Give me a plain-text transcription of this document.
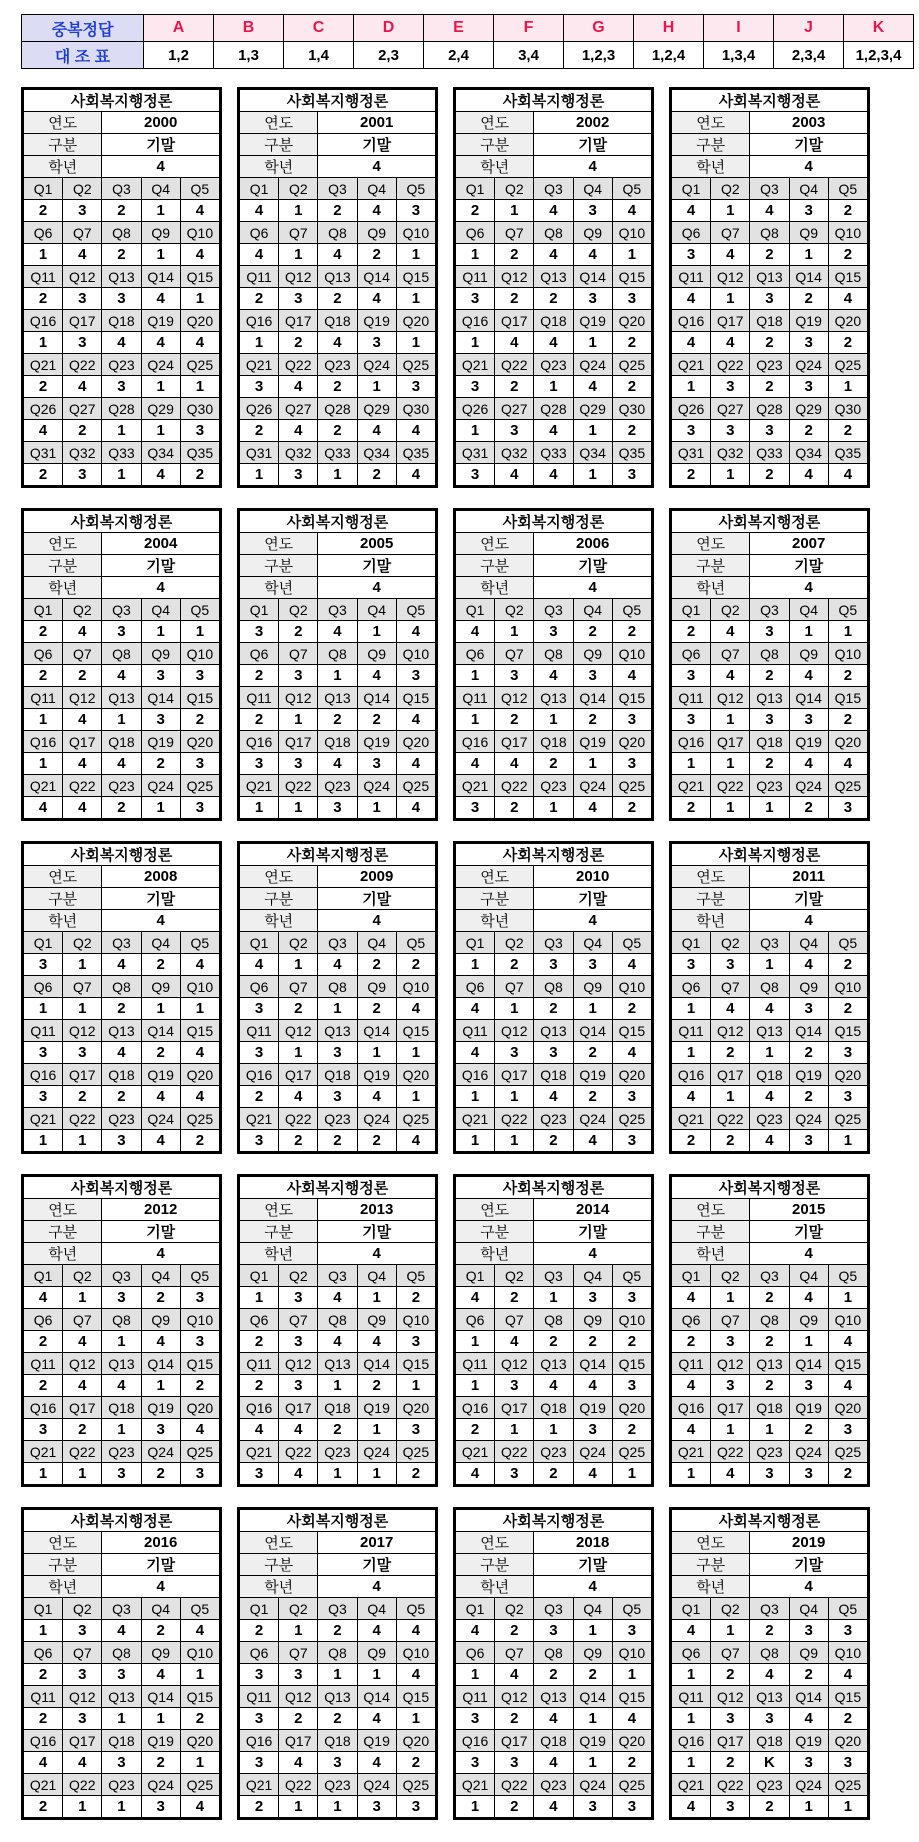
중복정답	A	B	C	D	E	F	G	H	I	J	K
대 조 표	1,2	1,3	1,4	2,3	2,4	3,4	1,2,3	1,2,4	1,3,4	2,3,4	1,2,3,4
사회복지행정론				
연도		2000		
구분		기말		
학년		4		
Q1	Q2	Q3	Q4	Q5
2	3	2	1	4
Q6	Q7	Q8	Q9	Q10
1	4	2	1	4
Q11	Q12	Q13	Q14	Q15
2	3	3	4	1
Q16	Q17	Q18	Q19	Q20
1	3	4	4	4
Q21	Q22	Q23	Q24	Q25
2	4	3	1	1
Q26	Q27	Q28	Q29	Q30
4	2	1	1	3
Q31	Q32	Q33	Q34	Q35
2	3	1	4	2
사회복지행정론				
연도		2001		
구분		기말		
학년		4		
Q1	Q2	Q3	Q4	Q5
4	1	2	4	3
Q6	Q7	Q8	Q9	Q10
4	1	4	2	1
Q11	Q12	Q13	Q14	Q15
2	3	2	4	1
Q16	Q17	Q18	Q19	Q20
1	2	4	3	1
Q21	Q22	Q23	Q24	Q25
3	4	2	1	3
Q26	Q27	Q28	Q29	Q30
2	4	2	4	4
Q31	Q32	Q33	Q34	Q35
1	3	1	2	4
사회복지행정론				
연도		2002		
구분		기말		
학년		4		
Q1	Q2	Q3	Q4	Q5
2	1	4	3	4
Q6	Q7	Q8	Q9	Q10
1	2	4	4	1
Q11	Q12	Q13	Q14	Q15
3	2	2	3	3
Q16	Q17	Q18	Q19	Q20
1	4	4	1	2
Q21	Q22	Q23	Q24	Q25
3	2	1	4	2
Q26	Q27	Q28	Q29	Q30
1	3	4	1	2
Q31	Q32	Q33	Q34	Q35
3	4	4	1	3
사회복지행정론				
연도		2003		
구분		기말		
학년		4		
Q1	Q2	Q3	Q4	Q5
4	1	4	3	2
Q6	Q7	Q8	Q9	Q10
3	4	2	1	2
Q11	Q12	Q13	Q14	Q15
4	1	3	2	4
Q16	Q17	Q18	Q19	Q20
4	4	2	3	2
Q21	Q22	Q23	Q24	Q25
1	3	2	3	1
Q26	Q27	Q28	Q29	Q30
3	3	3	2	2
Q31	Q32	Q33	Q34	Q35
2	1	2	4	4
사회복지행정론				
연도		2004		
구분		기말		
학년		4		
Q1	Q2	Q3	Q4	Q5
2	4	3	1	1
Q6	Q7	Q8	Q9	Q10
2	2	4	3	3
Q11	Q12	Q13	Q14	Q15
1	4	1	3	2
Q16	Q17	Q18	Q19	Q20
1	4	4	2	3
Q21	Q22	Q23	Q24	Q25
4	4	2	1	3
사회복지행정론				
연도		2005		
구분		기말		
학년		4		
Q1	Q2	Q3	Q4	Q5
3	2	4	1	4
Q6	Q7	Q8	Q9	Q10
2	3	1	4	3
Q11	Q12	Q13	Q14	Q15
2	1	2	2	4
Q16	Q17	Q18	Q19	Q20
3	3	4	3	4
Q21	Q22	Q23	Q24	Q25
1	1	3	1	4
사회복지행정론				
연도		2006		
구분		기말		
학년		4		
Q1	Q2	Q3	Q4	Q5
4	1	3	2	2
Q6	Q7	Q8	Q9	Q10
1	3	4	3	4
Q11	Q12	Q13	Q14	Q15
1	2	1	2	3
Q16	Q17	Q18	Q19	Q20
4	4	2	1	3
Q21	Q22	Q23	Q24	Q25
3	2	1	4	2
사회복지행정론				
연도		2007		
구분		기말		
학년		4		
Q1	Q2	Q3	Q4	Q5
2	4	3	1	1
Q6	Q7	Q8	Q9	Q10
3	4	2	4	2
Q11	Q12	Q13	Q14	Q15
3	1	3	3	2
Q16	Q17	Q18	Q19	Q20
1	1	2	4	4
Q21	Q22	Q23	Q24	Q25
2	1	1	2	3
사회복지행정론				
연도		2008		
구분		기말		
학년		4		
Q1	Q2	Q3	Q4	Q5
3	1	4	2	4
Q6	Q7	Q8	Q9	Q10
1	1	2	1	1
Q11	Q12	Q13	Q14	Q15
3	3	4	2	4
Q16	Q17	Q18	Q19	Q20
3	2	2	4	4
Q21	Q22	Q23	Q24	Q25
1	1	3	4	2
사회복지행정론				
연도		2009		
구분		기말		
학년		4		
Q1	Q2	Q3	Q4	Q5
4	1	4	2	2
Q6	Q7	Q8	Q9	Q10
3	2	1	2	4
Q11	Q12	Q13	Q14	Q15
3	1	3	1	1
Q16	Q17	Q18	Q19	Q20
2	4	3	4	1
Q21	Q22	Q23	Q24	Q25
3	2	2	2	4
사회복지행정론				
연도		2010		
구분		기말		
학년		4		
Q1	Q2	Q3	Q4	Q5
1	2	3	3	4
Q6	Q7	Q8	Q9	Q10
4	1	2	1	2
Q11	Q12	Q13	Q14	Q15
4	3	3	2	4
Q16	Q17	Q18	Q19	Q20
1	1	4	2	3
Q21	Q22	Q23	Q24	Q25
1	1	2	4	3
사회복지행정론				
연도		2011		
구분		기말		
학년		4		
Q1	Q2	Q3	Q4	Q5
3	3	1	4	2
Q6	Q7	Q8	Q9	Q10
1	4	4	3	2
Q11	Q12	Q13	Q14	Q15
1	2	1	2	3
Q16	Q17	Q18	Q19	Q20
4	1	4	2	3
Q21	Q22	Q23	Q24	Q25
2	2	4	3	1
사회복지행정론				
연도		2012		
구분		기말		
학년		4		
Q1	Q2	Q3	Q4	Q5
4	1	3	2	3
Q6	Q7	Q8	Q9	Q10
2	4	1	4	3
Q11	Q12	Q13	Q14	Q15
2	4	4	1	2
Q16	Q17	Q18	Q19	Q20
3	2	1	3	4
Q21	Q22	Q23	Q24	Q25
1	1	3	2	3
사회복지행정론				
연도		2013		
구분		기말		
학년		4		
Q1	Q2	Q3	Q4	Q5
1	3	4	1	2
Q6	Q7	Q8	Q9	Q10
2	3	4	4	3
Q11	Q12	Q13	Q14	Q15
2	3	1	2	1
Q16	Q17	Q18	Q19	Q20
4	4	2	1	3
Q21	Q22	Q23	Q24	Q25
3	4	1	1	2
사회복지행정론				
연도		2014		
구분		기말		
학년		4		
Q1	Q2	Q3	Q4	Q5
4	2	1	3	3
Q6	Q7	Q8	Q9	Q10
1	4	2	2	2
Q11	Q12	Q13	Q14	Q15
1	3	4	4	3
Q16	Q17	Q18	Q19	Q20
2	1	1	3	2
Q21	Q22	Q23	Q24	Q25
4	3	2	4	1
사회복지행정론				
연도		2015		
구분		기말		
학년		4		
Q1	Q2	Q3	Q4	Q5
4	1	2	4	1
Q6	Q7	Q8	Q9	Q10
2	3	2	1	4
Q11	Q12	Q13	Q14	Q15
4	3	2	3	4
Q16	Q17	Q18	Q19	Q20
4	1	1	2	3
Q21	Q22	Q23	Q24	Q25
1	4	3	3	2
사회복지행정론				
연도		2016		
구분		기말		
학년		4		
Q1	Q2	Q3	Q4	Q5
1	3	4	2	4
Q6	Q7	Q8	Q9	Q10
2	3	3	4	1
Q11	Q12	Q13	Q14	Q15
2	3	1	1	2
Q16	Q17	Q18	Q19	Q20
4	4	3	2	1
Q21	Q22	Q23	Q24	Q25
2	1	1	3	4
사회복지행정론				
연도		2017		
구분		기말		
학년		4		
Q1	Q2	Q3	Q4	Q5
2	1	2	4	4
Q6	Q7	Q8	Q9	Q10
3	3	1	1	4
Q11	Q12	Q13	Q14	Q15
3	2	2	4	1
Q16	Q17	Q18	Q19	Q20
3	4	3	4	2
Q21	Q22	Q23	Q24	Q25
2	1	1	3	3
사회복지행정론				
연도		2018		
구분		기말		
학년		4		
Q1	Q2	Q3	Q4	Q5
4	2	3	1	3
Q6	Q7	Q8	Q9	Q10
1	4	2	2	1
Q11	Q12	Q13	Q14	Q15
3	2	4	1	4
Q16	Q17	Q18	Q19	Q20
3	3	4	1	2
Q21	Q22	Q23	Q24	Q25
1	2	4	3	3
사회복지행정론				
연도		2019		
구분		기말		
학년		4		
Q1	Q2	Q3	Q4	Q5
4	1	2	3	3
Q6	Q7	Q8	Q9	Q10
1	2	4	2	4
Q11	Q12	Q13	Q14	Q15
1	3	3	4	2
Q16	Q17	Q18	Q19	Q20
1	2	K	3	3
Q21	Q22	Q23	Q24	Q25
4	3	2	1	1
